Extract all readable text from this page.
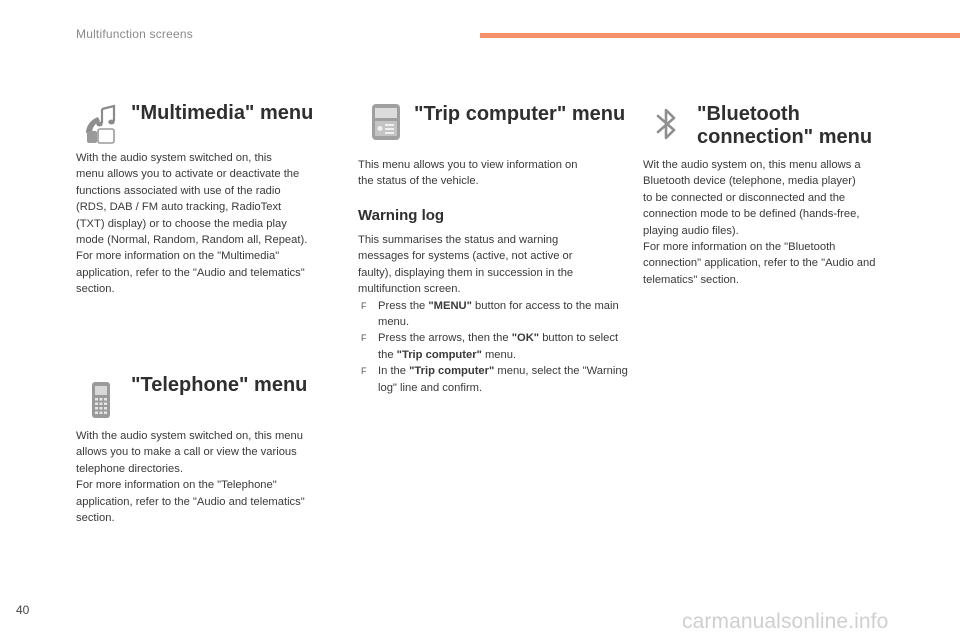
Multifunction screens
"Multimedia" menu

With the audio system switched on, this

menu allows you to activate or deactivate the

functions associated with use of the radio

(RDS, DAB / FM auto tracking, RadioText

(TXT) display) or to choose the media play

mode (Normal, Random, Random all, Repeat).

For more information on the "Multimedia"

application, refer to the "Audio and telematics"

section.

"Telephone" menu

With the audio system switched on, this menu

allows you to make a call or view the various

telephone directories.

For more information on the "Telephone"

application, refer to the "Audio and telematics"

section.

"Trip computer" menu

This menu allows you to view information on

the status of the vehicle.

Warning log

This summarises the status and warning

messages for systems (active, not active or

faulty), displaying them in succession in the

multifunction screen.

F Press the "MENU" button for access to the main menu.
F Press the arrows, then the "OK" button to select the "Trip computer" menu.
F In the "Trip computer" menu, select the "Warning log" line and confirm.
"Bluetooth
connection" menu

Wit the audio system on, this menu allows a

Bluetooth device (telephone, media player)

to be connected or disconnected and the

connection mode to be defined (hands-free,

playing audio files).

For more information on the "Bluetooth

connection" application, refer to the "Audio and

telematics" section.

40	carmanualsonline.info
